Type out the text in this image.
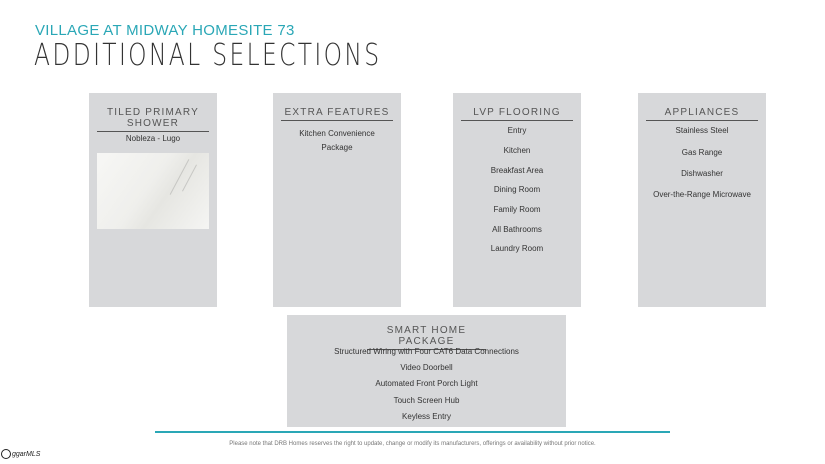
VILLAGE AT MIDWAY HOMESITE 73
ADDITIONAL SELECTIONS
TILED PRIMARY SHOWER
Nobleza - Lugo
EXTRA FEATURES
Kitchen Convenience
Package
LVP FLOORING
Entry
Kitchen
Breakfast Area
Dining Room
Family Room
All Bathrooms
Laundry Room
APPLIANCES
Stainless Steel
Gas Range
Dishwasher
Over-the-Range Microwave
SMART HOME PACKAGE
Structured Wiring with Four CAT6 Data Connections
Video Doorbell
Automated Front Porch Light
Touch Screen Hub
Keyless Entry
Please note that DRB Homes reserves the right to update, change or modify its manufacturers, offerings or availability without prior notice.
ggarMLS
